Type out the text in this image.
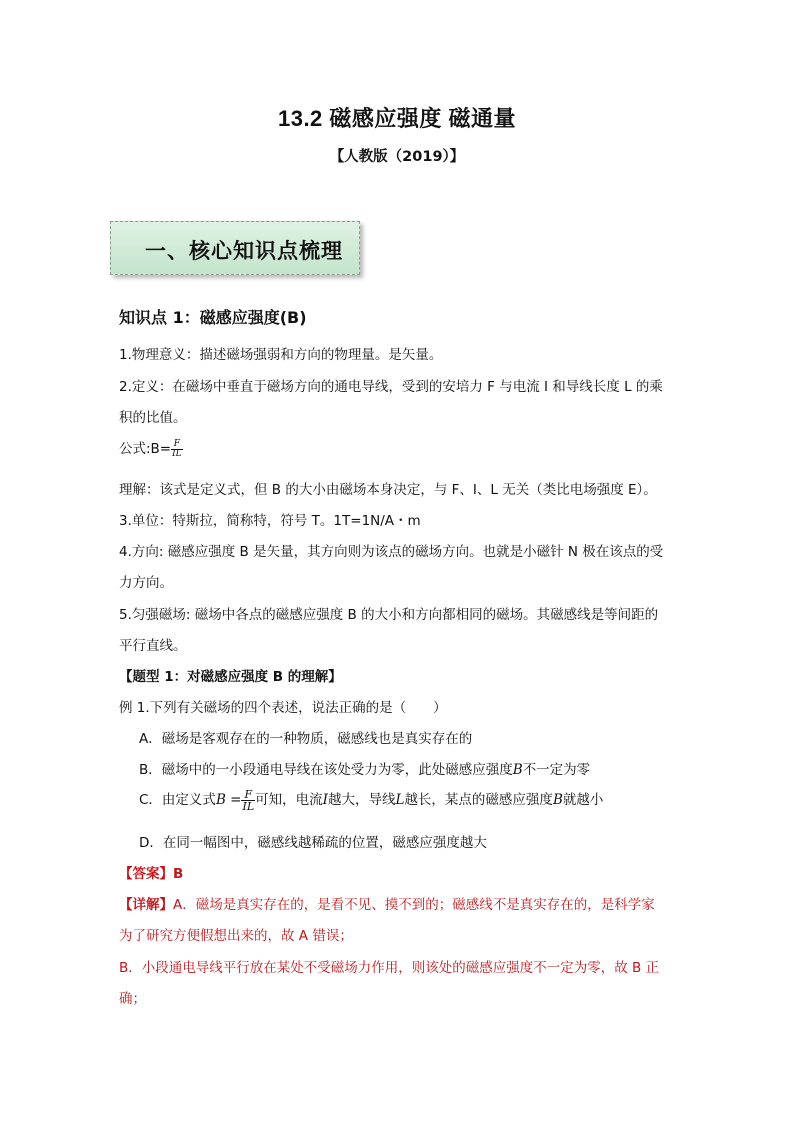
13.2 磁感应强度 磁通量
【人教版（2019）】
一、核心知识点梳理
知识点 1：磁感应强度(B)
1.物理意义：描述磁场强弱和方向的物理量。是矢量。
2.定义：在磁场中垂直于磁场方向的通电导线，受到的安培力 F 与电流 I 和导线长度 L 的乘
积的比值。
公式:B= $\frac{F}{IL}$
理解：该式是定义式，但 B 的大小由磁场本身决定，与 F、I、L 无关（类比电场强度 E）。
3.单位：特斯拉，简称特，符号 T。1T=1N/A・m
4.方向: 磁感应强度 B 是矢量，其方向则为该点的磁场方向。也就是小磁针 N 极在该点的受
力方向。
5.匀强磁场: 磁场中各点的磁感应强度 B 的大小和方向都相同的磁场。其磁感线是等间距的
平行直线。
【题型 1：对磁感应强度 B 的理解】
例 1.下列有关磁场的四个表述，说法正确的是（　　）
A．磁场是客观存在的一种物质，磁感线也是真实存在的
B．磁场中的一小段通电导线在该处受力为零，此处磁感应强度B不一定为零
C．由定义式$B = \frac{F}{IL}$ 可知，电流I越大，导线L越长，某点的磁感应强度B就越小
D．在同一幅图中，磁感线越稀疏的位置，磁感应强度越大
【答案】B
【详解】A．磁场是真实存在的，是看不见、摸不到的；磁感线不是真实存在的，是科学家
为了研究方便假想出来的，故 A 错误；
B．小段通电导线平行放在某处不受磁场力作用，则该处的磁感应强度不一定为零，故 B 正
确；
